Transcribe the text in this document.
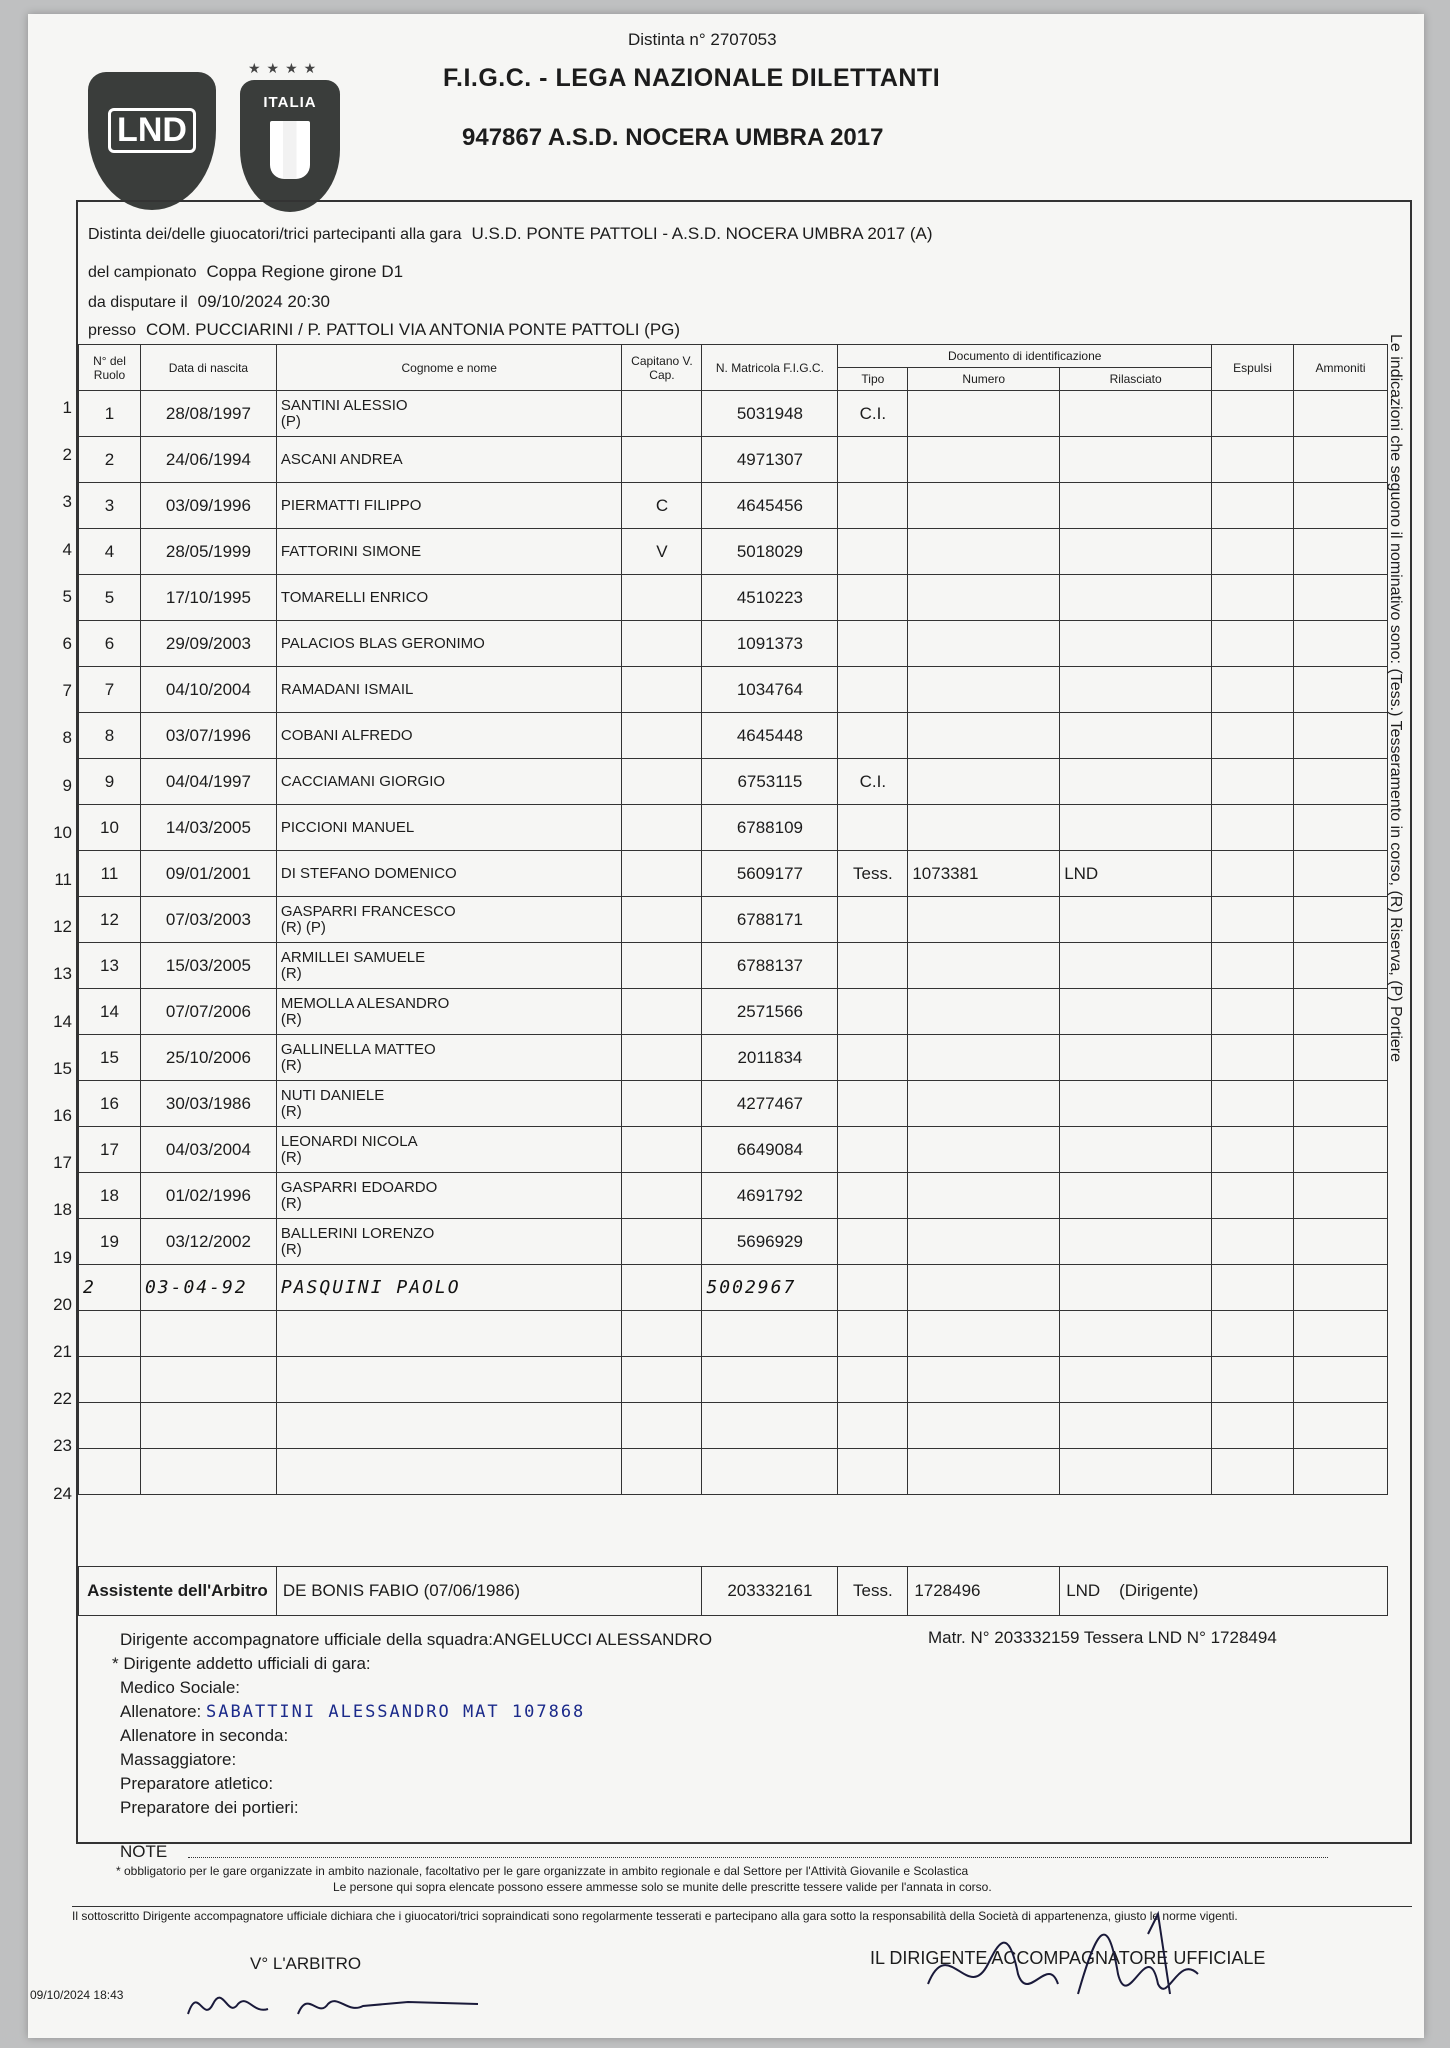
Distinta n° 2707053
F.I.G.C. - LEGA NAZIONALE DILETTANTI
947867 A.S.D. NOCERA UMBRA 2017
LND
★★★★
ITALIA
Distinta dei/delle giuocatori/trici partecipanti alla gara U.S.D. PONTE PATTOLI - A.S.D. NOCERA UMBRA 2017 (A)
del campionato Coppa Regione girone D1
da disputare il 09/10/2024 20:30
presso COM. PUCCIARINI / P. PATTOLI VIA ANTONIA PONTE PATTOLI (PG)
N° del Ruolo	Data di nascita	Cognome e nome	Capitano V. Cap.	N. Matricola F.I.G.C.	Documento di identificazione			Espulsi	Ammoniti
					Tipo	Numero	Rilasciato		
1	28/08/1997	SANTINI ALESSIO
(P)		5031948	C.I.				
2	24/06/1994	ASCANI ANDREA		4971307					
3	03/09/1996	PIERMATTI FILIPPO	C	4645456					
4	28/05/1999	FATTORINI SIMONE	V	5018029					
5	17/10/1995	TOMARELLI ENRICO		4510223					
6	29/09/2003	PALACIOS BLAS GERONIMO		1091373					
7	04/10/2004	RAMADANI ISMAIL		1034764					
8	03/07/1996	COBANI ALFREDO		4645448					
9	04/04/1997	CACCIAMANI GIORGIO		6753115	C.I.				
10	14/03/2005	PICCIONI MANUEL		6788109					
11	09/01/2001	DI STEFANO DOMENICO		5609177	Tess.	1073381	LND		
12	07/03/2003	GASPARRI FRANCESCO
(R) (P)		6788171					
13	15/03/2005	ARMILLEI SAMUELE
(R)		6788137					
14	07/07/2006	MEMOLLA ALESANDRO
(R)		2571566					
15	25/10/2006	GALLINELLA MATTEO
(R)		2011834					
16	30/03/1986	NUTI DANIELE
(R)		4277467					
17	04/03/2004	LEONARDI NICOLA
(R)		6649084					
18	01/02/1996	GASPARRI EDOARDO
(R)		4691792					
19	03/12/2002	BALLERINI LORENZO
(R)		5696929					
2	03-04-92	PASQUINI PAOLO		5002967					

1
2
3
4
5
6
7
8
9
10
11
12
13
14
15
16
17
18
19
20
21
22
23
24
Assistente dell'Arbitro	DE BONIS FABIO (07/06/1986)	203332161	Tess.	1728496	LND    (Dirigente)
Dirigente accompagnatore ufficiale della squadra:ANGELUCCI ALESSANDRO	Matr. N° 203332159 Tessera LND N° 1728494
* Dirigente addetto ufficiali di gara:
Medico Sociale:
Allenatore: SABATTINI ALESSANDRO MAT 107868
Allenatore in seconda:
Massaggiatore:
Preparatore atletico:
Preparatore dei portieri:
NOTE
* obbligatorio per le gare organizzate in ambito nazionale, facoltativo per le gare organizzate in ambito regionale e dal Settore per l'Attività Giovanile e Scolastica
Le persone qui sopra elencate possono essere ammesse solo se munite delle prescritte tessere valide per l'annata in corso.
Il sottoscritto Dirigente accompagnatore ufficiale dichiara che i giuocatori/trici sopraindicati sono regolarmente tesserati e partecipano alla gara sotto la responsabilità della Società di appartenenza, giusto le norme vigenti.
V° L'ARBITRO	IL DIRIGENTE ACCOMPAGNATORE UFFICIALE
09/10/2024 18:43
Le indicazioni che seguono il nominativo sono: (Tess.) Tesseramento in corso, (R) Riserva, (P) Portiere
